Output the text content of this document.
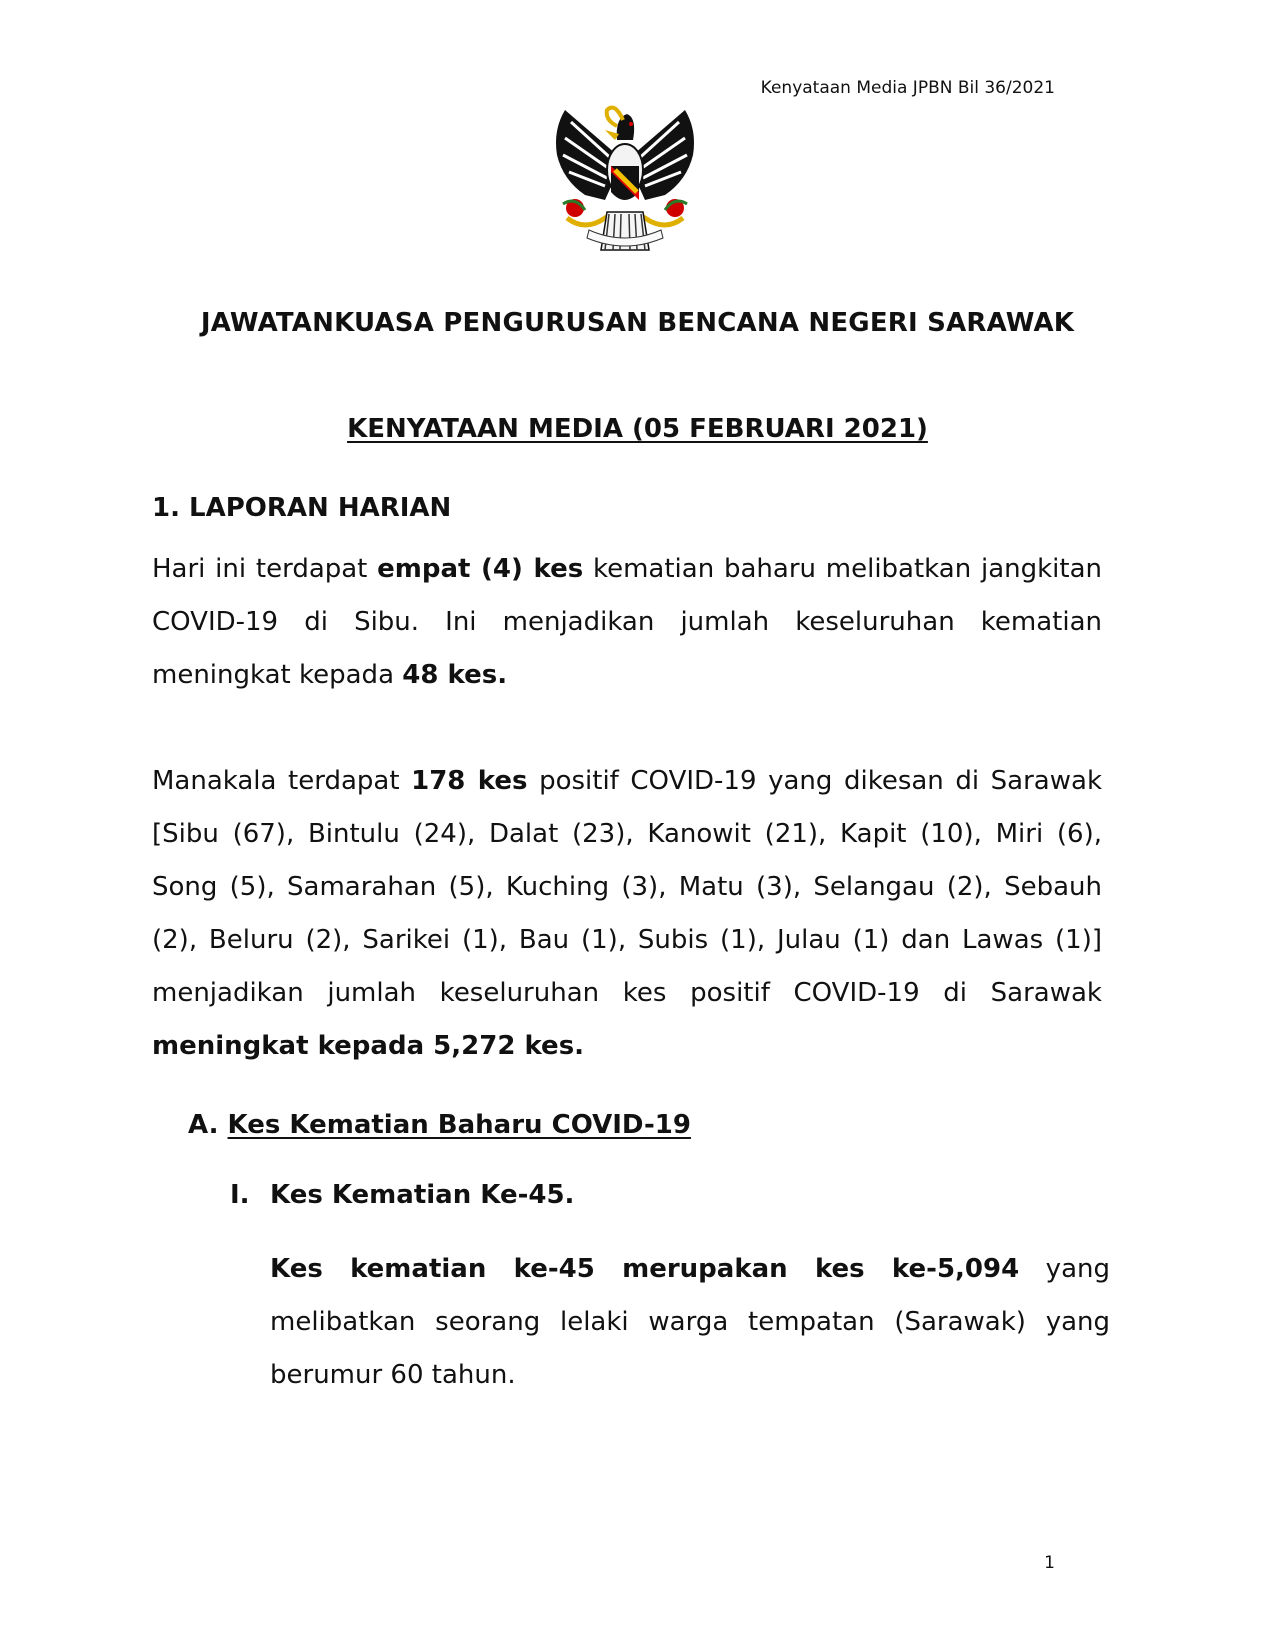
Kenyataan Media JPBN Bil 36/2021
JAWATANKUASA PENGURUSAN BENCANA NEGERI SARAWAK
KENYATAAN MEDIA (05 FEBRUARI 2021)
1. LAPORAN HARIAN
Hari ini terdapat empat (4) kes kematian baharu melibatkan jangkitan COVID-19 di Sibu. Ini menjadikan jumlah keseluruhan kematian meningkat kepada 48 kes.
Manakala terdapat 178 kes positif COVID-19 yang dikesan di Sarawak [Sibu (67), Bintulu (24), Dalat (23), Kanowit (21), Kapit (10), Miri (6), Song (5), Samarahan (5), Kuching (3), Matu (3), Selangau (2), Sebauh (2), Beluru (2), Sarikei (1), Bau (1), Subis (1), Julau (1) dan Lawas (1)] menjadikan jumlah keseluruhan kes positif COVID-19 di Sarawak meningkat kepada 5,272 kes.
A. Kes Kematian Baharu COVID-19
I. Kes Kematian Ke-45.
Kes kematian ke-45 merupakan kes ke-5,094 yang melibatkan seorang lelaki warga tempatan (Sarawak) yang berumur 60 tahun.
1
